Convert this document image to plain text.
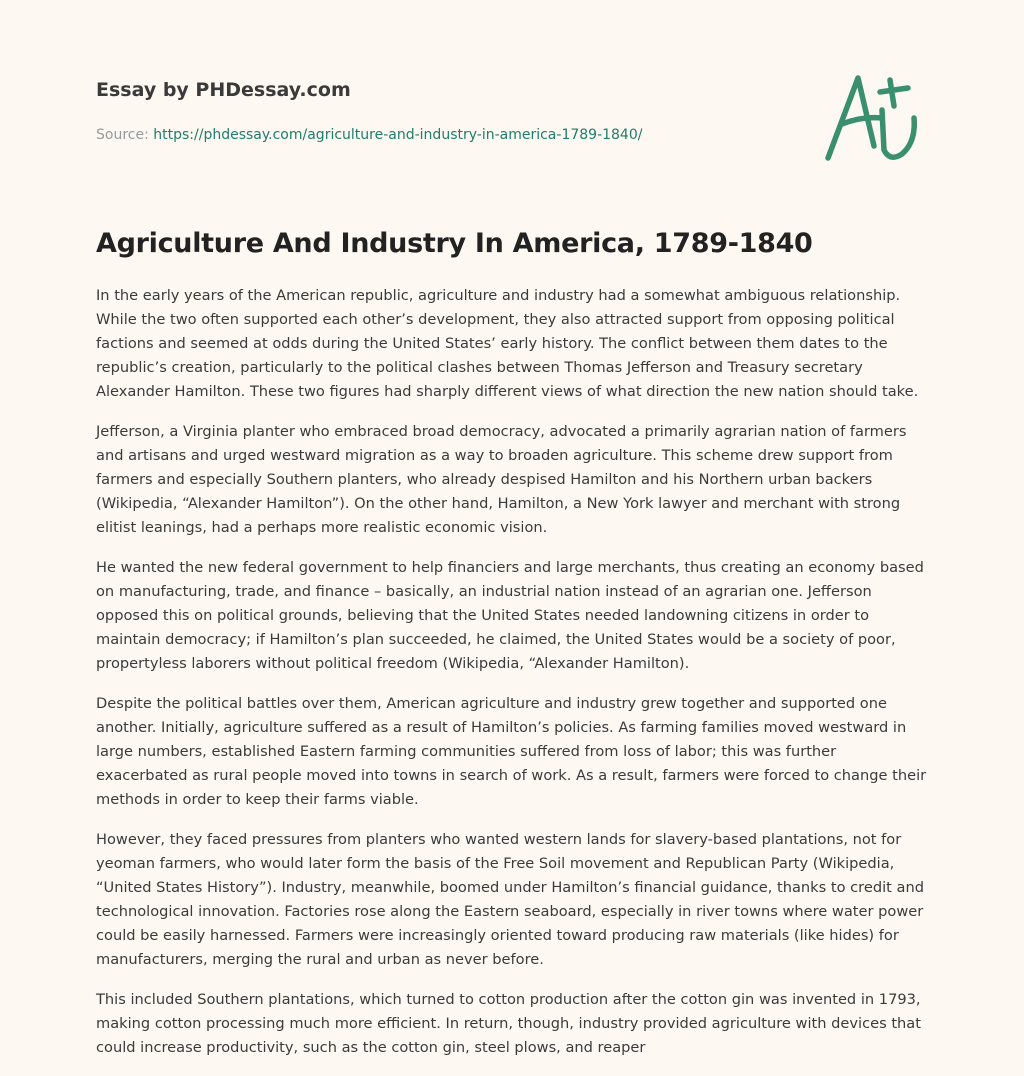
Essay by PHDessay.com
Source: https://phdessay.com/agriculture-and-industry-in-america-1789-1840/
Agriculture And Industry In America, 1789-1840

In the early years of the American republic, agriculture and industry had a somewhat ambiguous relationship. While the two often supported each other’s development, they also attracted support from opposing political factions and seemed at odds during the United States’ early history. The conflict between them dates to the republic’s creation, particularly to the political clashes between Thomas Jefferson and Treasury secretary Alexander Hamilton. These two figures had sharply different views of what direction the new nation should take.

Jefferson, a Virginia planter who embraced broad democracy, advocated a primarily agrarian nation of farmers and artisans and urged westward migration as a way to broaden agriculture. This scheme drew support from farmers and especially Southern planters, who already despised Hamilton and his Northern urban backers (Wikipedia, “Alexander Hamilton”). On the other hand, Hamilton, a New York lawyer and merchant with strong elitist leanings, had a perhaps more realistic economic vision.

He wanted the new federal government to help financiers and large merchants, thus creating an economy based on manufacturing, trade, and finance – basically, an industrial nation instead of an agrarian one. Jefferson opposed this on political grounds, believing that the United States needed landowning citizens in order to maintain democracy; if Hamilton’s plan succeeded, he claimed, the United States would be a society of poor, propertyless laborers without political freedom (Wikipedia, “Alexander Hamilton).

Despite the political battles over them, American agriculture and industry grew together and supported one another. Initially, agriculture suffered as a result of Hamilton’s policies. As farming families moved westward in large numbers, established Eastern farming communities suffered from loss of labor; this was further exacerbated as rural people moved into towns in search of work. As a result, farmers were forced to change their methods in order to keep their farms viable.

However, they faced pressures from planters who wanted western lands for slavery-based plantations, not for yeoman farmers, who would later form the basis of the Free Soil movement and Republican Party (Wikipedia, “United States History”). Industry, meanwhile, boomed under Hamilton’s financial guidance, thanks to credit and technological innovation. Factories rose along the Eastern seaboard, especially in river towns where water power could be easily harnessed. Farmers were increasingly oriented toward producing raw materials (like hides) for manufacturers, merging the rural and urban as never before.

This included Southern plantations, which turned to cotton production after the cotton gin was invented in 1793, making cotton processing much more efficient. In return, though, industry provided agriculture with devices that could increase productivity, such as the cotton gin, steel plows, and reaper
